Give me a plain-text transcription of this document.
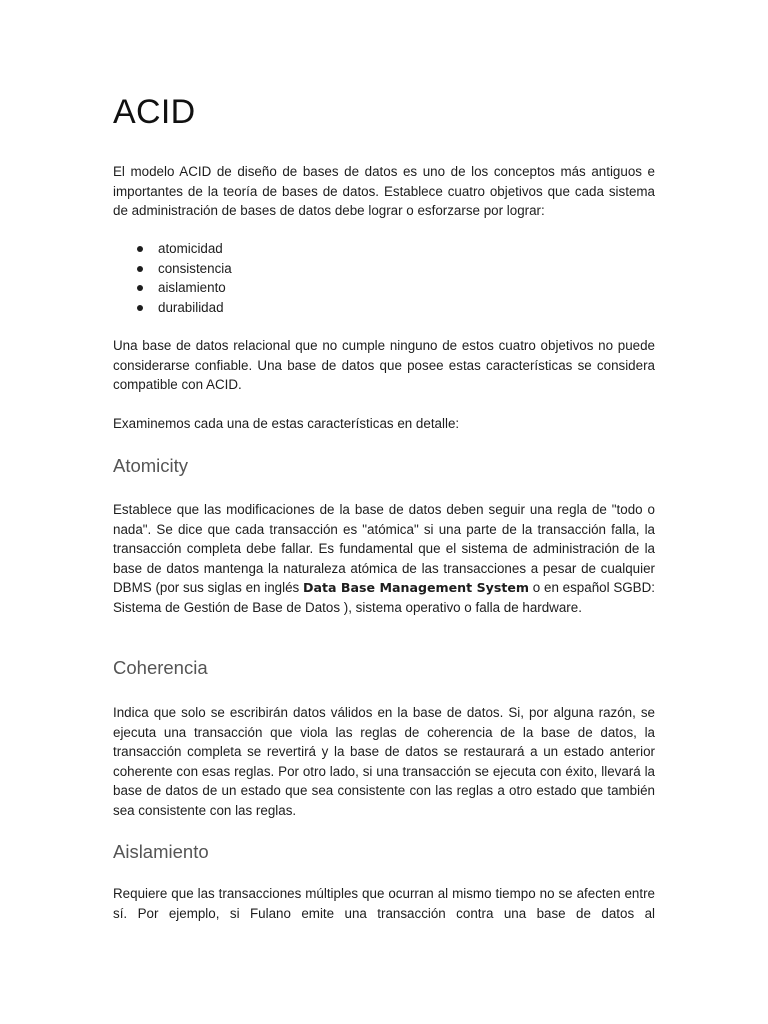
ACID

El modelo ACID de diseño de bases de datos es uno de los conceptos más antiguos e importantes de la teoría de bases de datos. Establece cuatro objetivos que cada sistema de administración de bases de datos debe lograr o esforzarse por lograr:

atomicidad
consistencia
aislamiento
durabilidad

Una base de datos relacional que no cumple ninguno de estos cuatro objetivos no puede considerarse confiable. Una base de datos que posee estas características se considera compatible con ACID.

Examinemos cada una de estas características en detalle:

Atomicity

Establece que las modificaciones de la base de datos deben seguir una regla de "todo o nada". Se dice que cada transacción es "atómica" si una parte de la transacción falla, la transacción completa debe fallar. Es fundamental que el sistema de administración de la base de datos mantenga la naturaleza atómica de las transacciones a pesar de cualquier DBMS (por sus siglas en inglés Data Base Management System o en español SGBD: Sistema de Gestión de Base de Datos ), sistema operativo o falla de hardware.

Coherencia

Indica que solo se escribirán datos válidos en la base de datos. Si, por alguna razón, se ejecuta una transacción que viola las reglas de coherencia de la base de datos, la transacción completa se revertirá y la base de datos se restaurará a un estado anterior coherente con esas reglas. Por otro lado, si una transacción se ejecuta con éxito, llevará la base de datos de un estado que sea consistente con las reglas a otro estado que también sea consistente con las reglas.

Aislamiento

Requiere que las transacciones múltiples que ocurran al mismo tiempo no se afecten entre sí. Por ejemplo, si Fulano emite una transacción contra una base de datos al
